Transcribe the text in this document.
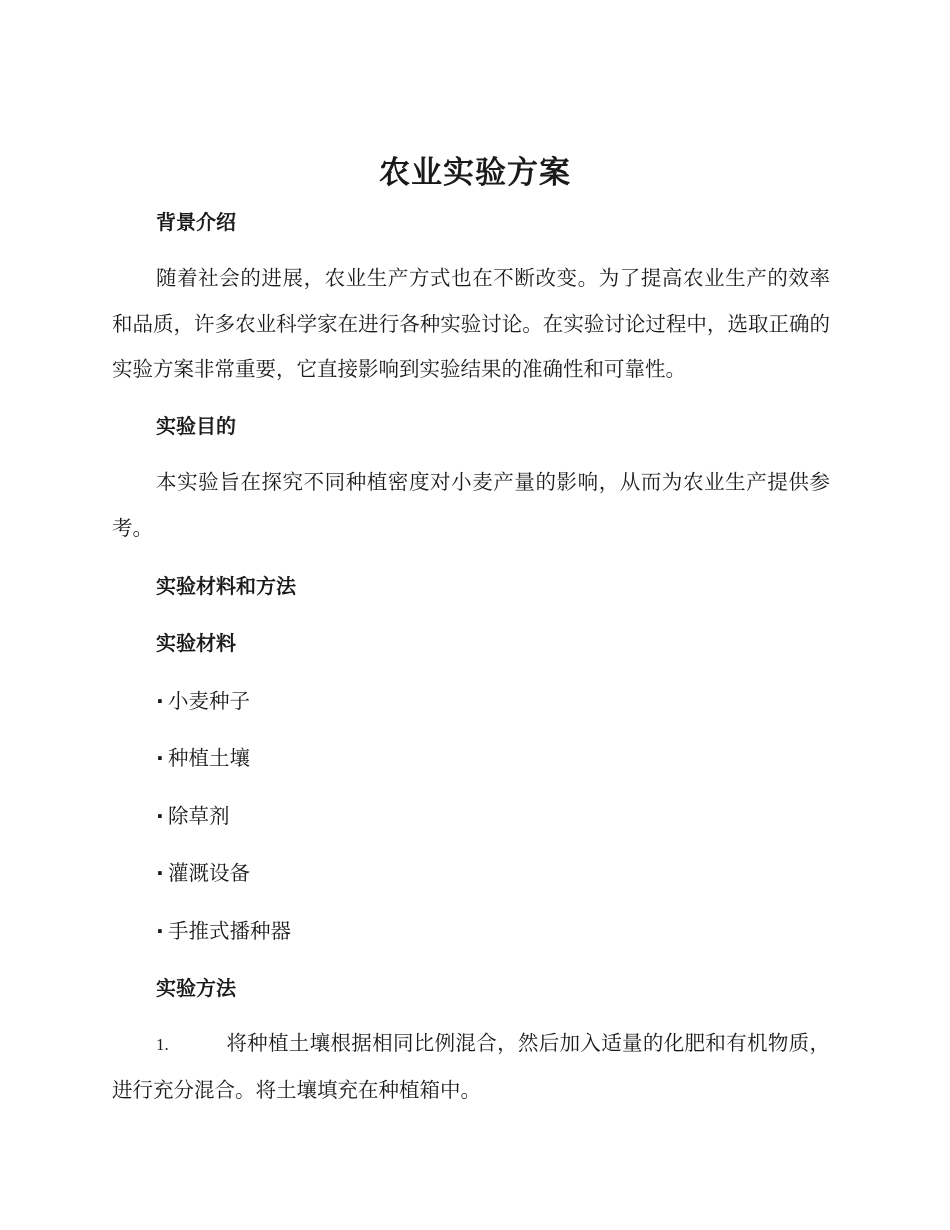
农业实验方案
背景介绍

随着社会的进展，农业生产方式也在不断改变。为了提高农业生产的效率和品质，许多农业科学家在进行各种实验讨论。在实验讨论过程中，选取正确的实验方案非常重要，它直接影响到实验结果的准确性和可靠性。

实验目的

本实验旨在探究不同种植密度对小麦产量的影响，从而为农业生产提供参考。

实验材料和方法
实验材料
· 小麦种子
· 种植土壤
· 除草剂
· 灌溉设备
· 手推式播种器
实验方法

1.	将种植土壤根据相同比例混合，然后加入适量的化肥和有机物质，进行充分混合。将土壤填充在种植箱中。
